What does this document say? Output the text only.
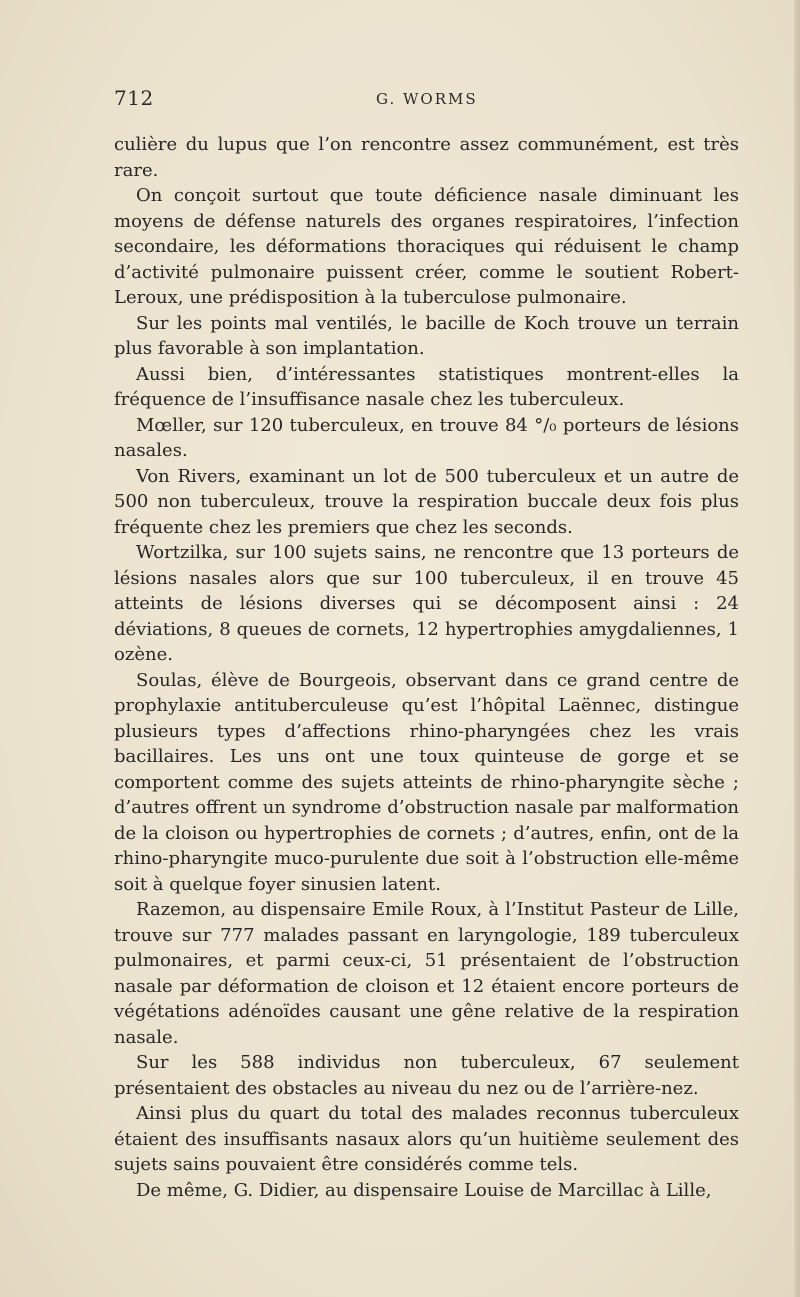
712	G. WORMS

culière du lupus que l’on rencontre assez communément, est très rare.

On conçoit surtout que toute déficience nasale diminuant les moyens de défense naturels des organes respiratoires, l’infection secondaire, les déformations thoraciques qui réduisent le champ d’activité pulmonaire puissent créer, comme le soutient Robert-Leroux, une prédisposition à la tuberculose pulmonaire.

Sur les points mal ventilés, le bacille de Koch trouve un terrain plus favorable à son implantation.

Aussi bien, d’intéressantes statistiques montrent-elles la fréquence de l’insuffisance nasale chez les tuberculeux.

Mœller, sur 120 tuberculeux, en trouve 84 °/₀ porteurs de lésions nasales.

Von Rivers, examinant un lot de 500 tuberculeux et un autre de 500 non tuberculeux, trouve la respiration buccale deux fois plus fréquente chez les premiers que chez les seconds.

Wortzilka, sur 100 sujets sains, ne rencontre que 13 porteurs de lésions nasales alors que sur 100 tuberculeux, il en trouve 45 atteints de lésions diverses qui se décomposent ainsi : 24 déviations, 8 queues de cornets, 12 hypertrophies amygdaliennes, 1 ozène.

Soulas, élève de Bourgeois, observant dans ce grand centre de prophylaxie antituberculeuse qu’est l’hôpital Laënnec, distingue plusieurs types d’affections rhino-pharyngées chez les vrais bacillaires. Les uns ont une toux quinteuse de gorge et se comportent comme des sujets atteints de rhino-pharyngite sèche ; d’autres offrent un syndrome d’obstruction nasale par malformation de la cloison ou hypertrophies de cornets ; d’autres, enfin, ont de la rhino-pharyngite muco-purulente due soit à l’obstruction elle-même soit à quelque foyer sinusien latent.

Razemon, au dispensaire Emile Roux, à l’Institut Pasteur de Lille, trouve sur 777 malades passant en laryngologie, 189 tuberculeux pulmonaires, et parmi ceux-ci, 51 présentaient de l’obstruction nasale par déformation de cloison et 12 étaient encore porteurs de végétations adénoïdes causant une gêne relative de la respiration nasale.

Sur les 588 individus non tuberculeux, 67 seulement présentaient des obstacles au niveau du nez ou de l’arrière-nez.

Ainsi plus du quart du total des malades reconnus tuberculeux étaient des insuffisants nasaux alors qu’un huitième seulement des sujets sains pouvaient être considérés comme tels.

De même, G. Didier, au dispensaire Louise de Marcillac à Lille,
